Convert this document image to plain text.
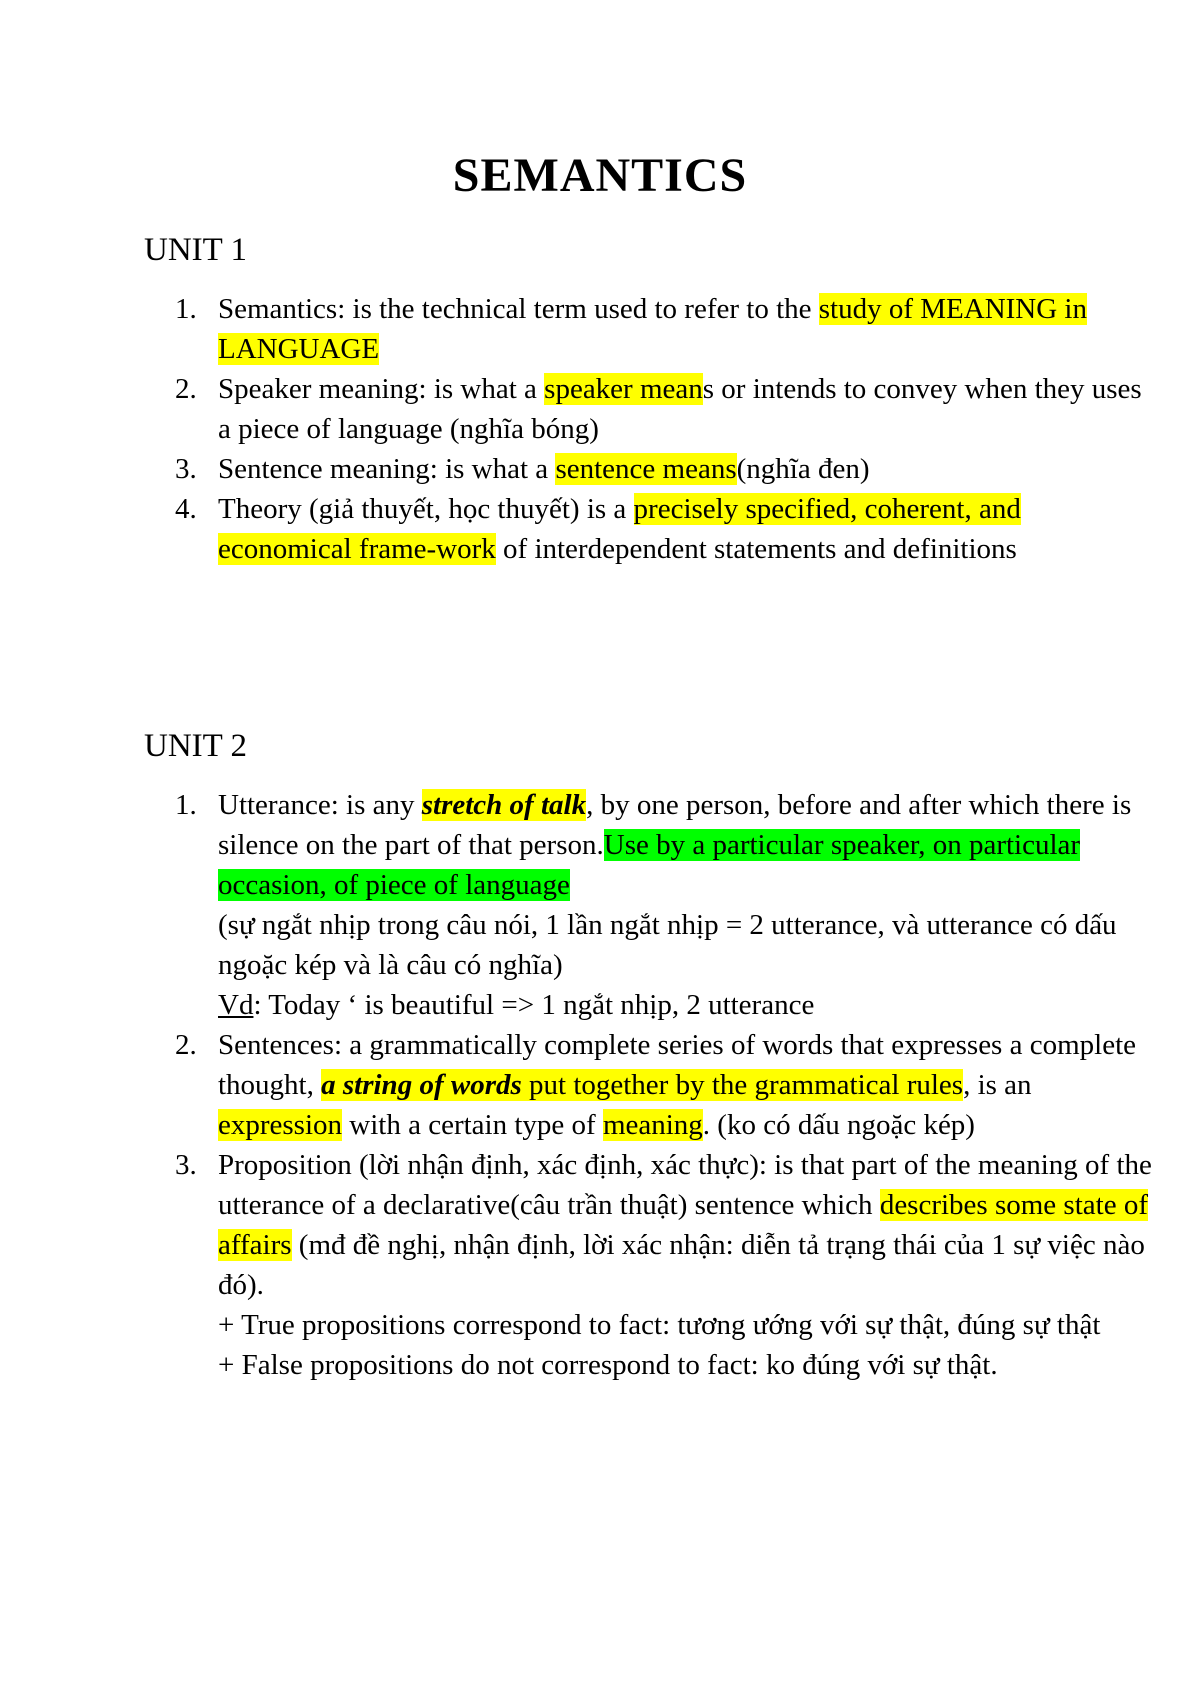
SEMANTICS
UNIT 1
1. Semantics: is the technical term used to refer to the study of MEANING in LANGUAGE
2. Speaker meaning: is what a speaker means or intends to convey when they uses a piece of language (nghĩa bóng)
3. Sentence meaning: is what a sentence means(nghĩa đen)
4. Theory (giả thuyết, học thuyết) is a precisely specified, coherent, and economical frame-work of interdependent statements and definitions
UNIT 2
1. Utterance: is any stretch of talk, by one person, before and after which there is silence on the part of that person.Use by a particular speaker, on particular occasion, of piece of language
(sự ngắt nhịp trong câu nói, 1 lần ngắt nhịp = 2 utterance, và utterance có dấu ngoặc kép và là câu có nghĩa)
Vd: Today ‘ is beautiful => 1 ngắt nhịp, 2 utterance
2. Sentences: a grammatically complete series of words that expresses a complete thought, a string of words put together by the grammatical rules, is an expression with a certain type of meaning. (ko có dấu ngoặc kép)
3. Proposition (lời nhận định, xác định, xác thực): is that part of the meaning of the utterance of a declarative(câu trần thuật) sentence which describes some state of affairs (mđ đề nghị, nhận định, lời xác nhận: diễn tả trạng thái của 1 sự việc nào đó).
+ True propositions correspond to fact: tương ướng với sự thật, đúng sự thật
+ False propositions do not correspond to fact: ko đúng với sự thật.
